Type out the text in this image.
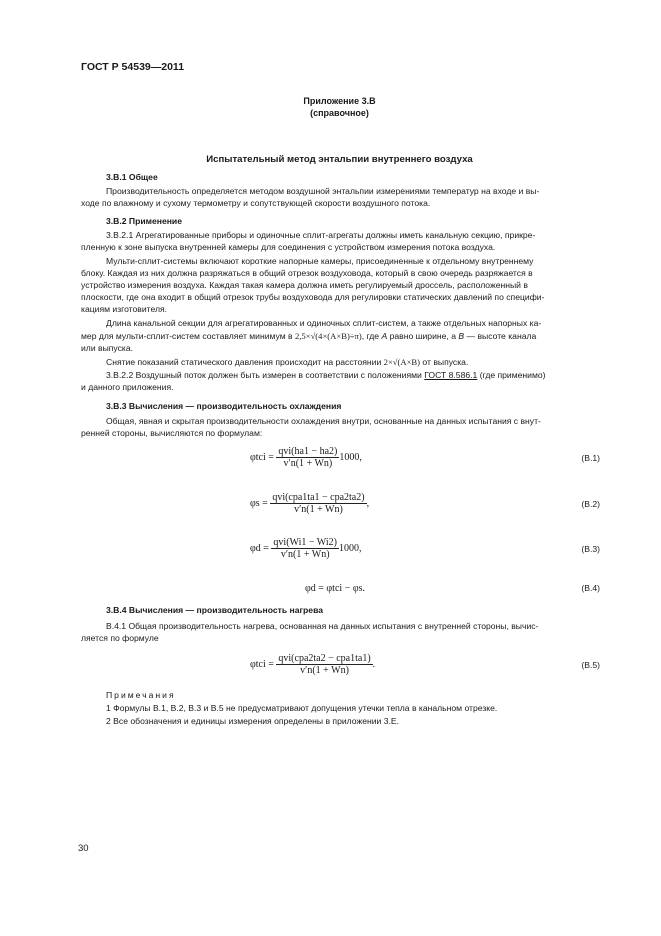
ГОСТ Р 54539—2011
Приложение 3.В
(справочное)
Испытательный метод энтальпии внутреннего воздуха
3.В.1 Общее
Производительность определяется методом воздушной энтальпии измерениями температур на входе и вы-
ходе по влажному и сухому термометру и сопутствующей скорости воздушного потока.
3.В.2 Применение
3.В.2.1 Агрегатированные приборы и одиночные сплит-агрегаты должны иметь канальную секцию, прикре-
пленную к зоне выпуска внутренней камеры для соединения с устройством измерения потока воздуха.
Мульти-сплит-системы включают короткие напорные камеры, присоединенные к отдельному внутреннему
блоку. Каждая из них должна разряжаться в общий отрезок воздуховода, который в свою очередь разряжается в
устройство измерения воздуха. Каждая такая камера должна иметь регулируемый дроссель, расположенный в
плоскости, где она входит в общий отрезок трубы воздуховода для регулировки статических давлений по специфи-
кациям изготовителя.
Длина канальной секции для агрегатированных и одиночных сплит-систем, а также отдельных напорных ка-
мер для мульти-сплит-систем составляет минимум в 2,5×√(4×(A×B)÷π), где A равно ширине, а B — высоте канала
или выпуска.
Снятие показаний статического давления происходит на расстоянии 2×√(A×B) от выпуска.
3.В.2.2 Воздушный поток должен быть измерен в соответствии с положениями ГОСТ 8.586.1 (где применимо)
и данного приложения.
3.В.3 Вычисления — производительность охлаждения
Общая, явная и скрытая производительности охлаждения внутри, основанные на данных испытания с внут-
ренней стороны, вычисляются по формулам:
$\varphi tci = \frac{\text{qvi(ha1 − ha2)}}{v'n(1 + Wn)} 1000$,	(В.1)
$\varphi s = \frac{\text{qvi(cpa1ta1 − cpa2ta2)}}{v'n(1 + Wn)}$ ,	(В.2)
$\varphi d = \frac{\text{qvi(Wi1 − Wi2)}}{v'n(1 + Wn)} 1000$,	(В.3)
φd = φtci − φs.	(В.4)
3.В.4 Вычисления — производительность нагрева
В.4.1 Общая производительность нагрева, основанная на данных испытания с внутренней стороны, вычис-
ляется по формуле
$\varphi tci = \frac{\text{qvi(cpa2ta2 − cpa1ta1)}}{v'n(1 + Wn)}$ .	(В.5)
Примечания
1 Формулы В.1, В.2, В.3 и В.5 не предусматривают допущения утечки тепла в канальном отрезке.
2 Все обозначения и единицы измерения определены в приложении 3.Е.
30
